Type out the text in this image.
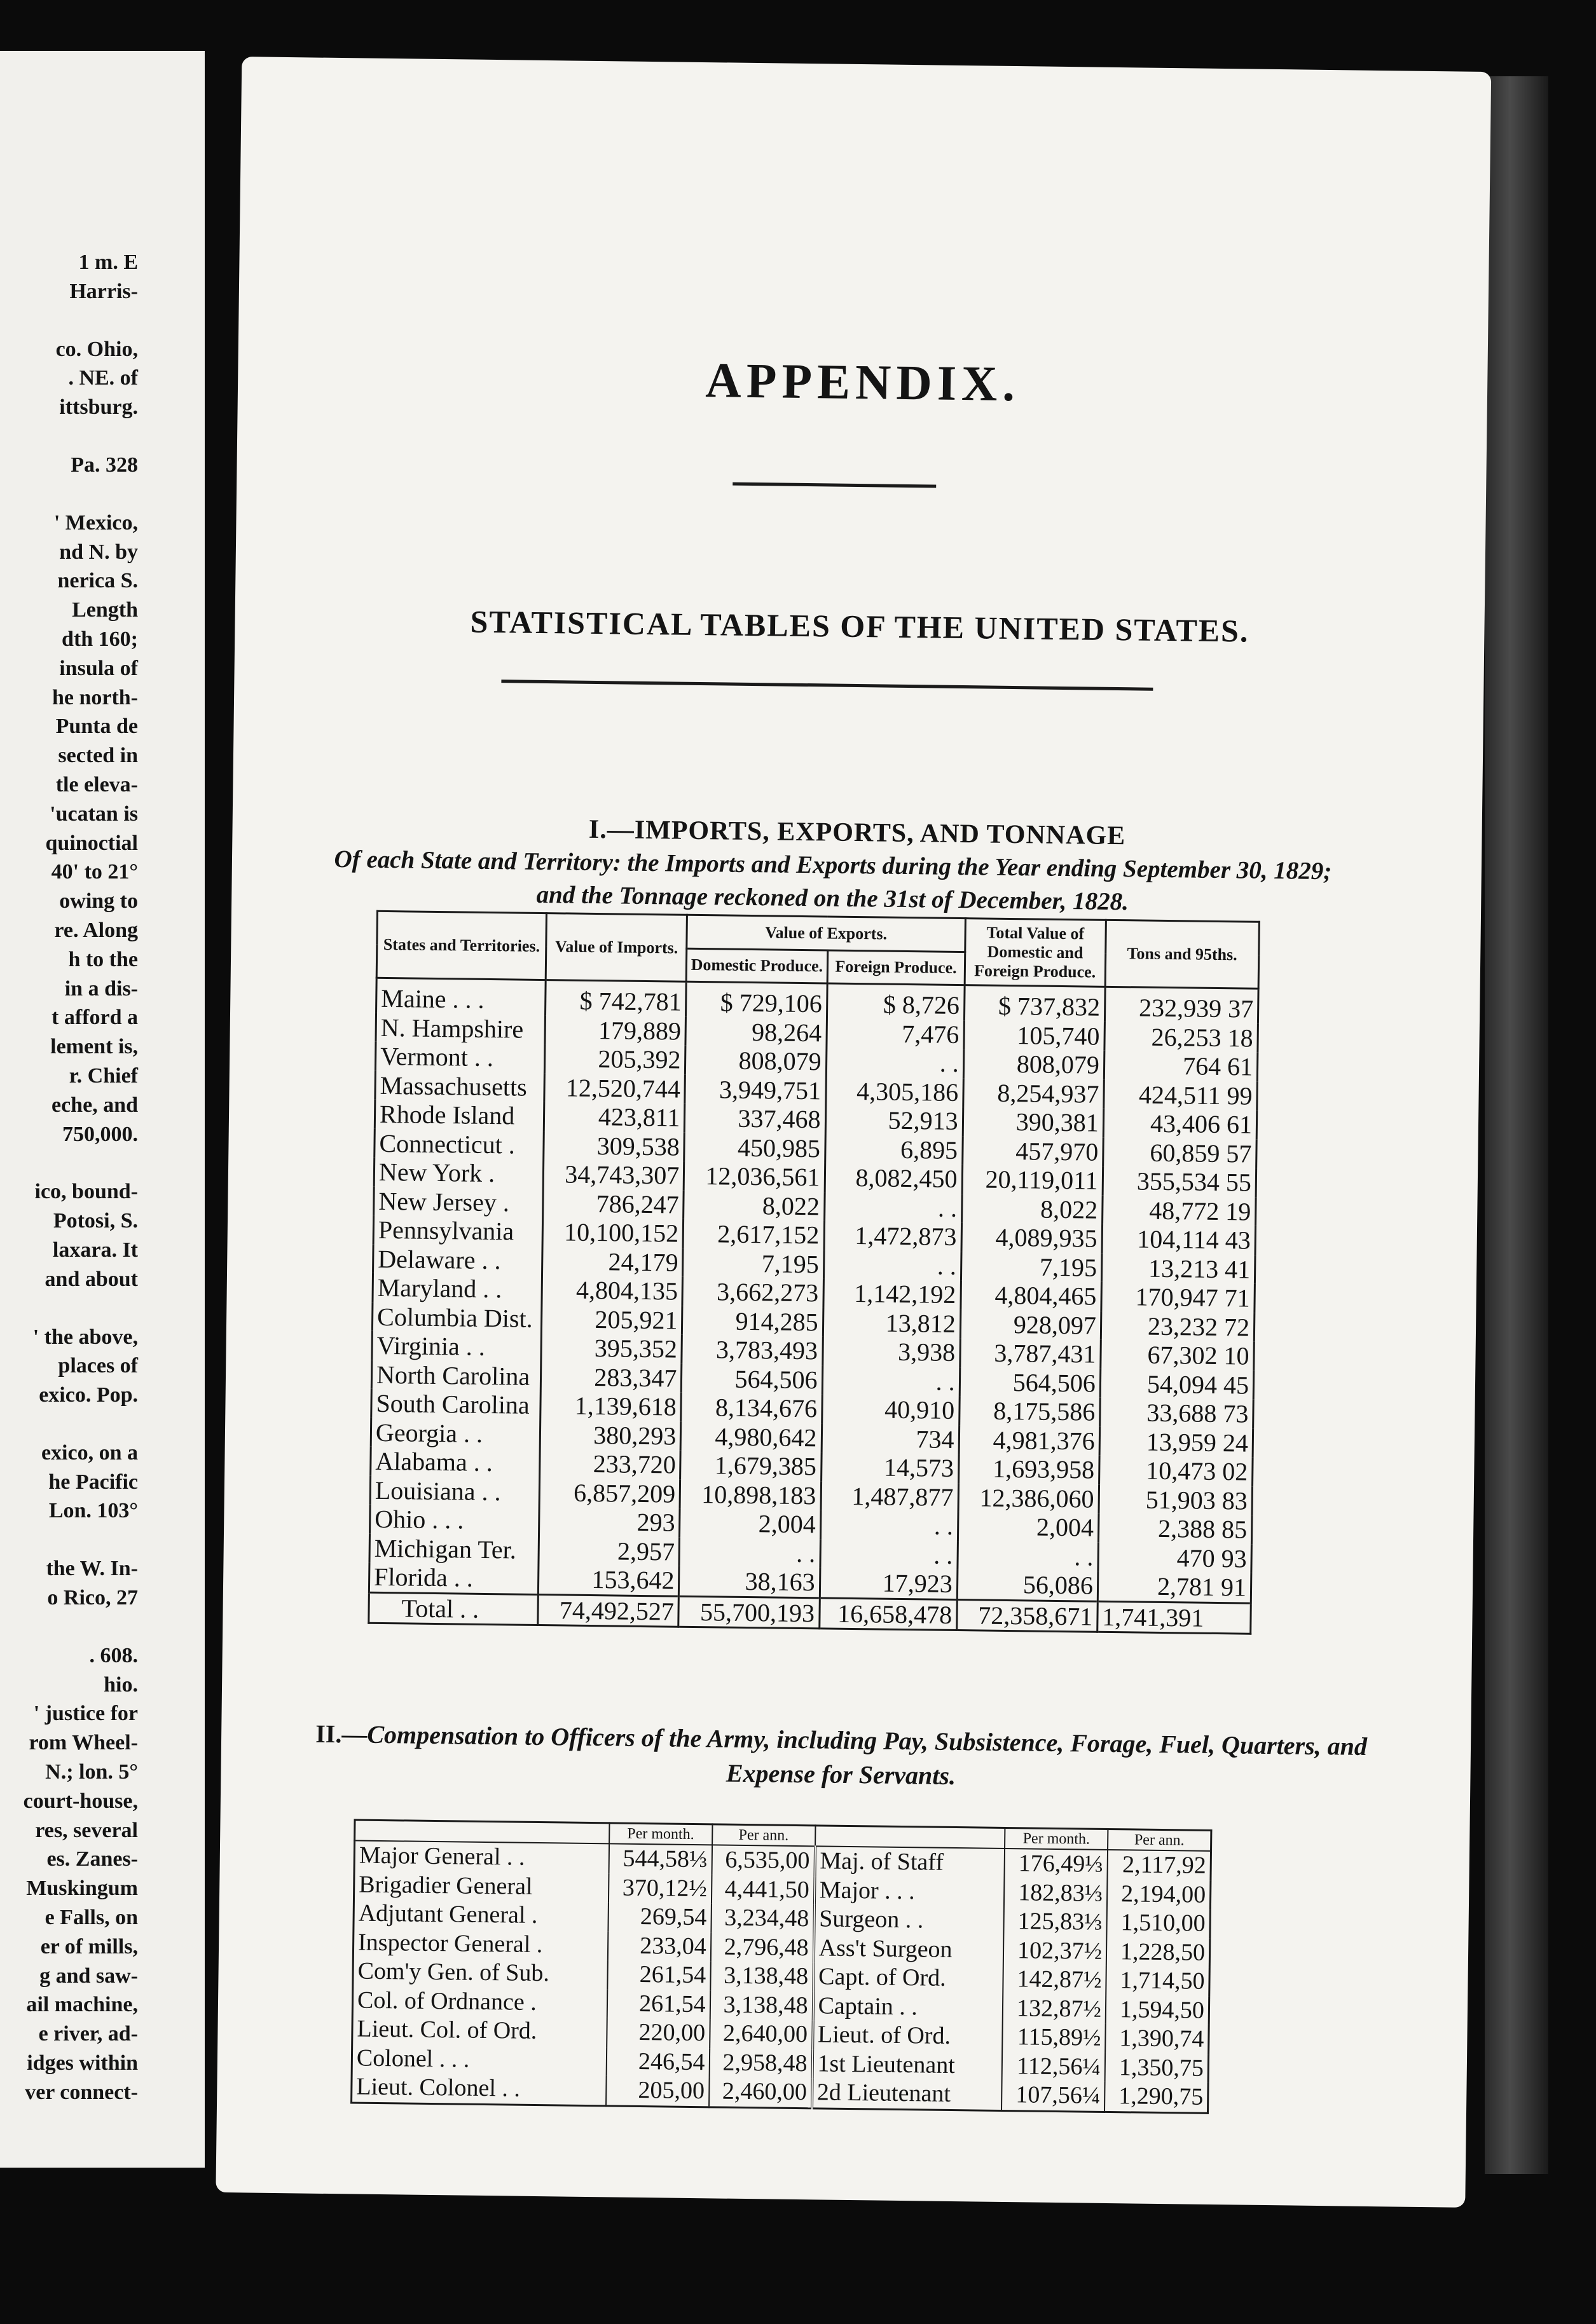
1 m. E
Harris-
co. Ohio,
. NE. of
ittsburg.
Pa. 328
' Mexico,
nd N. by
nerica S.
Length
dth 160;
insula of
he north-
Punta de
sected in
tle eleva-
'ucatan is
quinoctial
40' to 21°
owing to
re. Along
h to the
in a dis-
t afford a
lement is,
r. Chief
eche, and
750,000.
ico, bound-
Potosi, S.
laxara. It
and about
' the above,
places of
exico. Pop.
exico, on a
he Pacific
Lon. 103°
the W. In-
o Rico, 27
. 608.
hio.
' justice for
rom Wheel-
N.; lon. 5°
court-house,
res, several
es. Zanes-
Muskingum
e Falls, on
er of mills,
g and saw-
ail machine,
e river, ad-
idges within
ver connect-
APPENDIX.
STATISTICAL TABLES OF THE UNITED STATES.
I.—IMPORTS, EXPORTS, AND TONNAGE
Of each State and Territory: the Imports and Exports during the Year ending September 30, 1829; and the Tonnage reckoned on the 31st of December, 1828.
States and Territories.	Value of Imports.	Value of Exports.		Total Value of Domestic and Foreign Produce.	Tons and 95ths.
		Domestic Produce.	Foreign Produce.		
Maine . . .	$ 742,781	$ 729,106	$ 8,726	$ 737,832	232,939 37
N. Hampshire	179,889	98,264	7,476	105,740	26,253 18
Vermont . .	205,392	808,079	. .	808,079	764 61
Massachusetts	12,520,744	3,949,751	4,305,186	8,254,937	424,511 99
Rhode Island	423,811	337,468	52,913	390,381	43,406 61
Connecticut .	309,538	450,985	6,895	457,970	60,859 57
New York .	34,743,307	12,036,561	8,082,450	20,119,011	355,534 55
New Jersey .	786,247	8,022	. .	8,022	48,772 19
Pennsylvania	10,100,152	2,617,152	1,472,873	4,089,935	104,114 43
Delaware . .	24,179	7,195	. .	7,195	13,213 41
Maryland . .	4,804,135	3,662,273	1,142,192	4,804,465	170,947 71
Columbia Dist.	205,921	914,285	13,812	928,097	23,232 72
Virginia . .	395,352	3,783,493	3,938	3,787,431	67,302 10
North Carolina	283,347	564,506	. .	564,506	54,094 45
South Carolina	1,139,618	8,134,676	40,910	8,175,586	33,688 73
Georgia . .	380,293	4,980,642	734	4,981,376	13,959 24
Alabama . .	233,720	1,679,385	14,573	1,693,958	10,473 02
Louisiana . .	6,857,209	10,898,183	1,487,877	12,386,060	51,903 83
Ohio . . .	293	2,004	. .	2,004	2,388 85
Michigan Ter.	2,957	. .	. .	. .	470 93
Florida . .	153,642	38,163	17,923	56,086	2,781 91
Total . .	74,492,527	55,700,193	16,658,478	72,358,671	1,741,391
II.—Compensation to Officers of the Army, including Pay, Subsistence, Forage, Fuel, Quarters, and Expense for Servants.
	Per month.	Per ann.		Per month.	Per ann.
Major General . .	544,58⅓	6,535,00	Maj. of Staff	176,49⅓	2,117,92
Brigadier General	370,12½	4,441,50	Major . . .	182,83⅓	2,194,00
Adjutant General .	269,54	3,234,48	Surgeon . .	125,83⅓	1,510,00
Inspector General .	233,04	2,796,48	Ass't Surgeon	102,37½	1,228,50
Com'y Gen. of Sub.	261,54	3,138,48	Capt. of Ord.	142,87½	1,714,50
Col. of Ordnance .	261,54	3,138,48	Captain . .	132,87½	1,594,50
Lieut. Col. of Ord.	220,00	2,640,00	Lieut. of Ord.	115,89½	1,390,74
Colonel . . .	246,54	2,958,48	1st Lieutenant	112,56¼	1,350,75
Lieut. Colonel . .	205,00	2,460,00	2d Lieutenant	107,56¼	1,290,75
